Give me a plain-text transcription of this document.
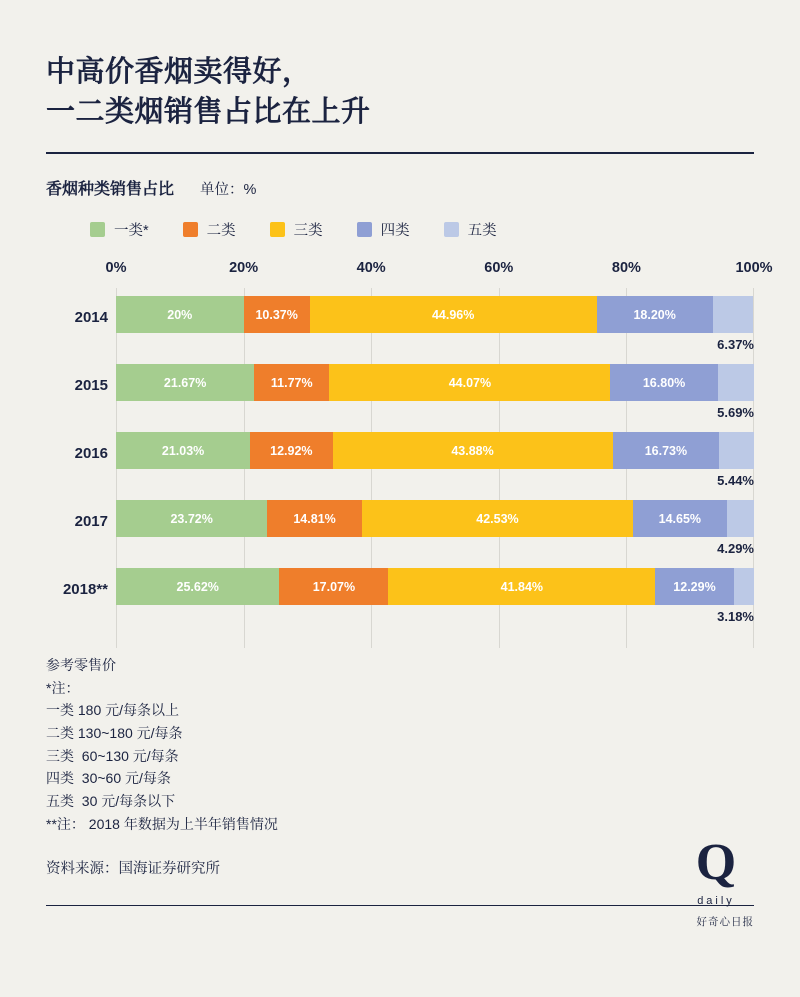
中高价香烟卖得好，
一二类烟销售占比在上升
香烟种类销售占比 单位：%
一类*	二类	三类	四类	五类
0%	20%	40%	60%	80%	100%
2014	20%	10.37%	44.96%	18.20%
6.37%
2015	21.67%	11.77%	44.07%	16.80%
5.69%
2016	21.03%	12.92%	43.88%	16.73%
5.44%
2017	23.72%	14.81%	42.53%	14.65%
4.29%
2018**	25.62%	17.07%	41.84%	12.29%
3.18%
参考零售价
*注：
一类 180 元/每条以上
二类 130~180 元/每条
三类  60~130 元/每条
四类  30~60 元/每条
五类  30 元/每条以下
**注： 2018 年数据为上半年销售情况
资料来源：国海证券研究所	Q
daily
好奇心日报
